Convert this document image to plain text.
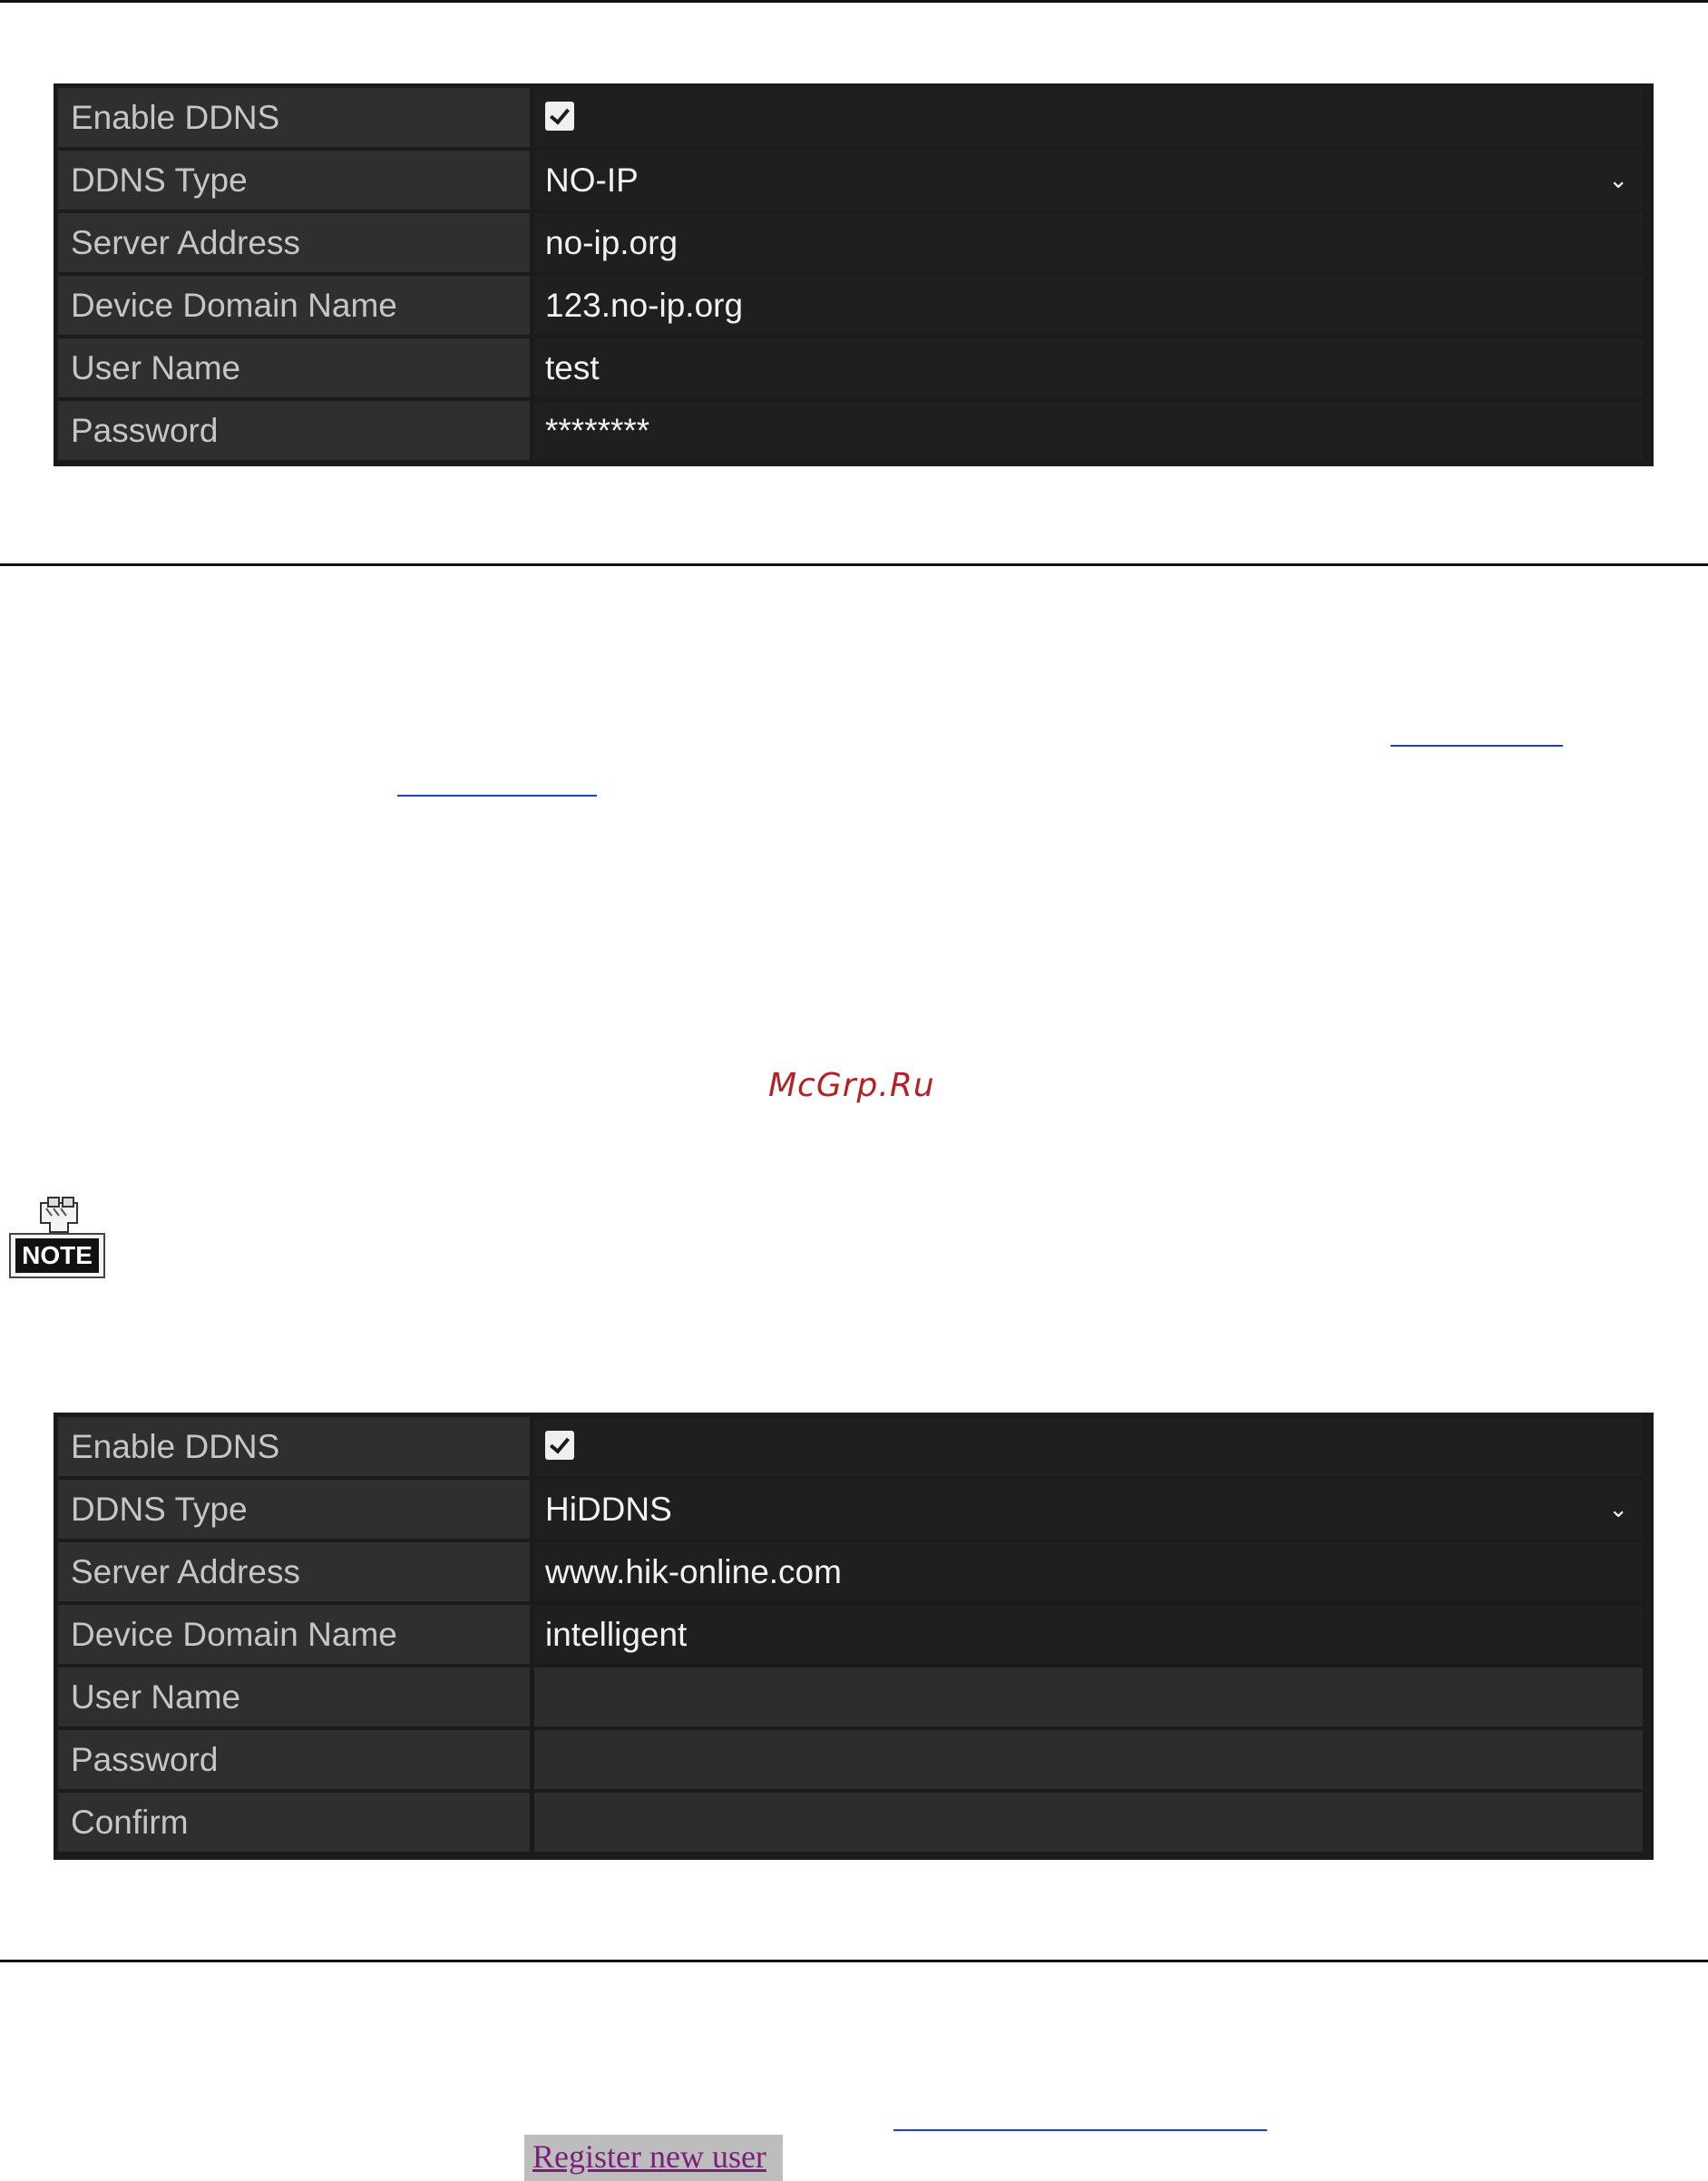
Enable DDNS
DDNS Type	NO-IP	⌄
Server Address	no-ip.org
Device Domain Name	123.no-ip.org
User Name	test
Password	********
McGrp.Ru
NOTE
Enable DDNS
DDNS Type	HiDDNS	⌄
Server Address	www.hik-online.com
Device Domain Name	intelligent
User Name
Password
Confirm
Register new user
